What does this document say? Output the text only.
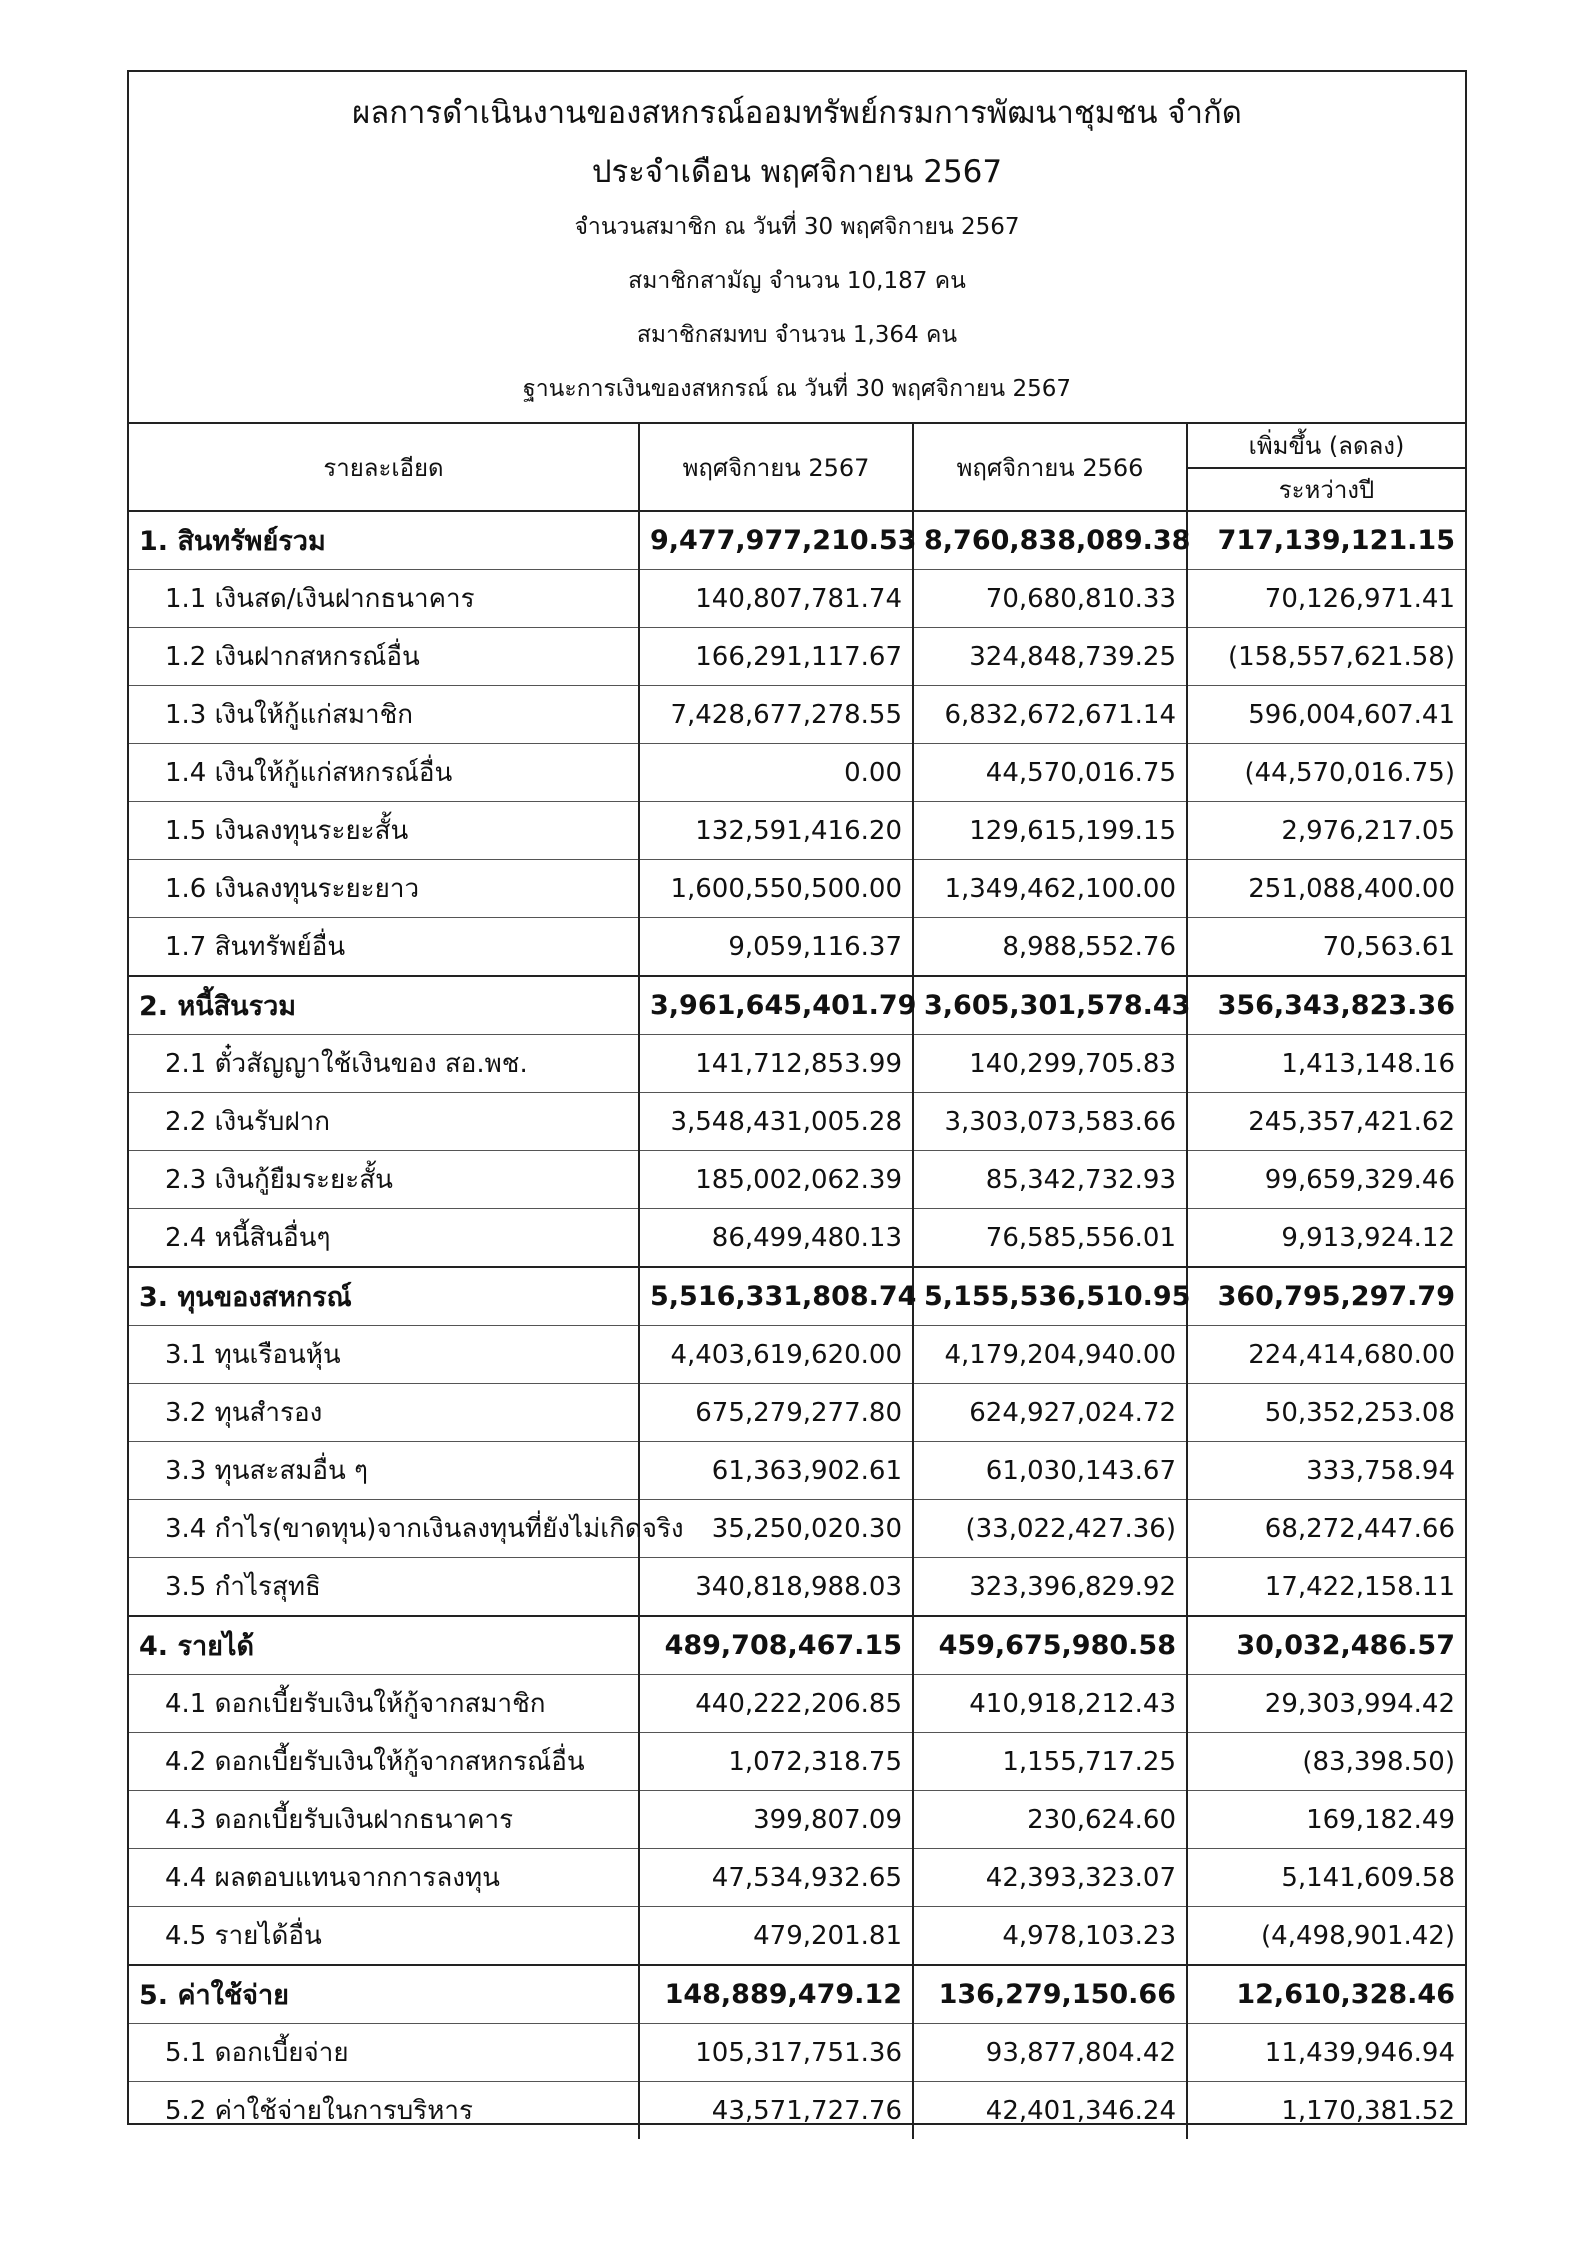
ผลการดำเนินงานของสหกรณ์ออมทรัพย์กรมการพัฒนาชุมชน จำกัด
ประจำเดือน พฤศจิกายน 2567
จำนวนสมาชิก ณ วันที่ 30 พฤศจิกายน 2567
สมาชิกสามัญ จำนวน 10,187 คน
สมาชิกสมทบ จำนวน 1,364 คน
ฐานะการเงินของสหกรณ์ ณ วันที่ 30 พฤศจิกายน 2567
รายละเอียด	พฤศจิกายน 2567	พฤศจิกายน 2566	เพิ่มขึ้น (ลดลง)
			ระหว่างปี
1. สินทรัพย์รวม	9,477,977,210.53	8,760,838,089.38	717,139,121.15
1.1 เงินสด/เงินฝากธนาคาร	140,807,781.74	70,680,810.33	70,126,971.41
1.2 เงินฝากสหกรณ์อื่น	166,291,117.67	324,848,739.25	(158,557,621.58)
1.3 เงินให้กู้แก่สมาชิก	7,428,677,278.55	6,832,672,671.14	596,004,607.41
1.4 เงินให้กู้แก่สหกรณ์อื่น	0.00	44,570,016.75	(44,570,016.75)
1.5 เงินลงทุนระยะสั้น	132,591,416.20	129,615,199.15	2,976,217.05
1.6 เงินลงทุนระยะยาว	1,600,550,500.00	1,349,462,100.00	251,088,400.00
1.7 สินทรัพย์อื่น	9,059,116.37	8,988,552.76	70,563.61
2. หนี้สินรวม	3,961,645,401.79	3,605,301,578.43	356,343,823.36
2.1 ตั๋วสัญญาใช้เงินของ สอ.พช.	141,712,853.99	140,299,705.83	1,413,148.16
2.2 เงินรับฝาก	3,548,431,005.28	3,303,073,583.66	245,357,421.62
2.3 เงินกู้ยืมระยะสั้น	185,002,062.39	85,342,732.93	99,659,329.46
2.4 หนี้สินอื่นๆ	86,499,480.13	76,585,556.01	9,913,924.12
3. ทุนของสหกรณ์	5,516,331,808.74	5,155,536,510.95	360,795,297.79
3.1 ทุนเรือนหุ้น	4,403,619,620.00	4,179,204,940.00	224,414,680.00
3.2 ทุนสำรอง	675,279,277.80	624,927,024.72	50,352,253.08
3.3 ทุนสะสมอื่น ๆ	61,363,902.61	61,030,143.67	333,758.94
3.4 กำไร(ขาดทุน)จากเงินลงทุนที่ยังไม่เกิดจริง	35,250,020.30	(33,022,427.36)	68,272,447.66
3.5 กำไรสุทธิ	340,818,988.03	323,396,829.92	17,422,158.11
4. รายได้	489,708,467.15	459,675,980.58	30,032,486.57
4.1 ดอกเบี้ยรับเงินให้กู้จากสมาชิก	440,222,206.85	410,918,212.43	29,303,994.42
4.2 ดอกเบี้ยรับเงินให้กู้จากสหกรณ์อื่น	1,072,318.75	1,155,717.25	(83,398.50)
4.3 ดอกเบี้ยรับเงินฝากธนาคาร	399,807.09	230,624.60	169,182.49
4.4 ผลตอบแทนจากการลงทุน	47,534,932.65	42,393,323.07	5,141,609.58
4.5 รายได้อื่น	479,201.81	4,978,103.23	(4,498,901.42)
5. ค่าใช้จ่าย	148,889,479.12	136,279,150.66	12,610,328.46
5.1 ดอกเบี้ยจ่าย	105,317,751.36	93,877,804.42	11,439,946.94
5.2 ค่าใช้จ่ายในการบริหาร	43,571,727.76	42,401,346.24	1,170,381.52
